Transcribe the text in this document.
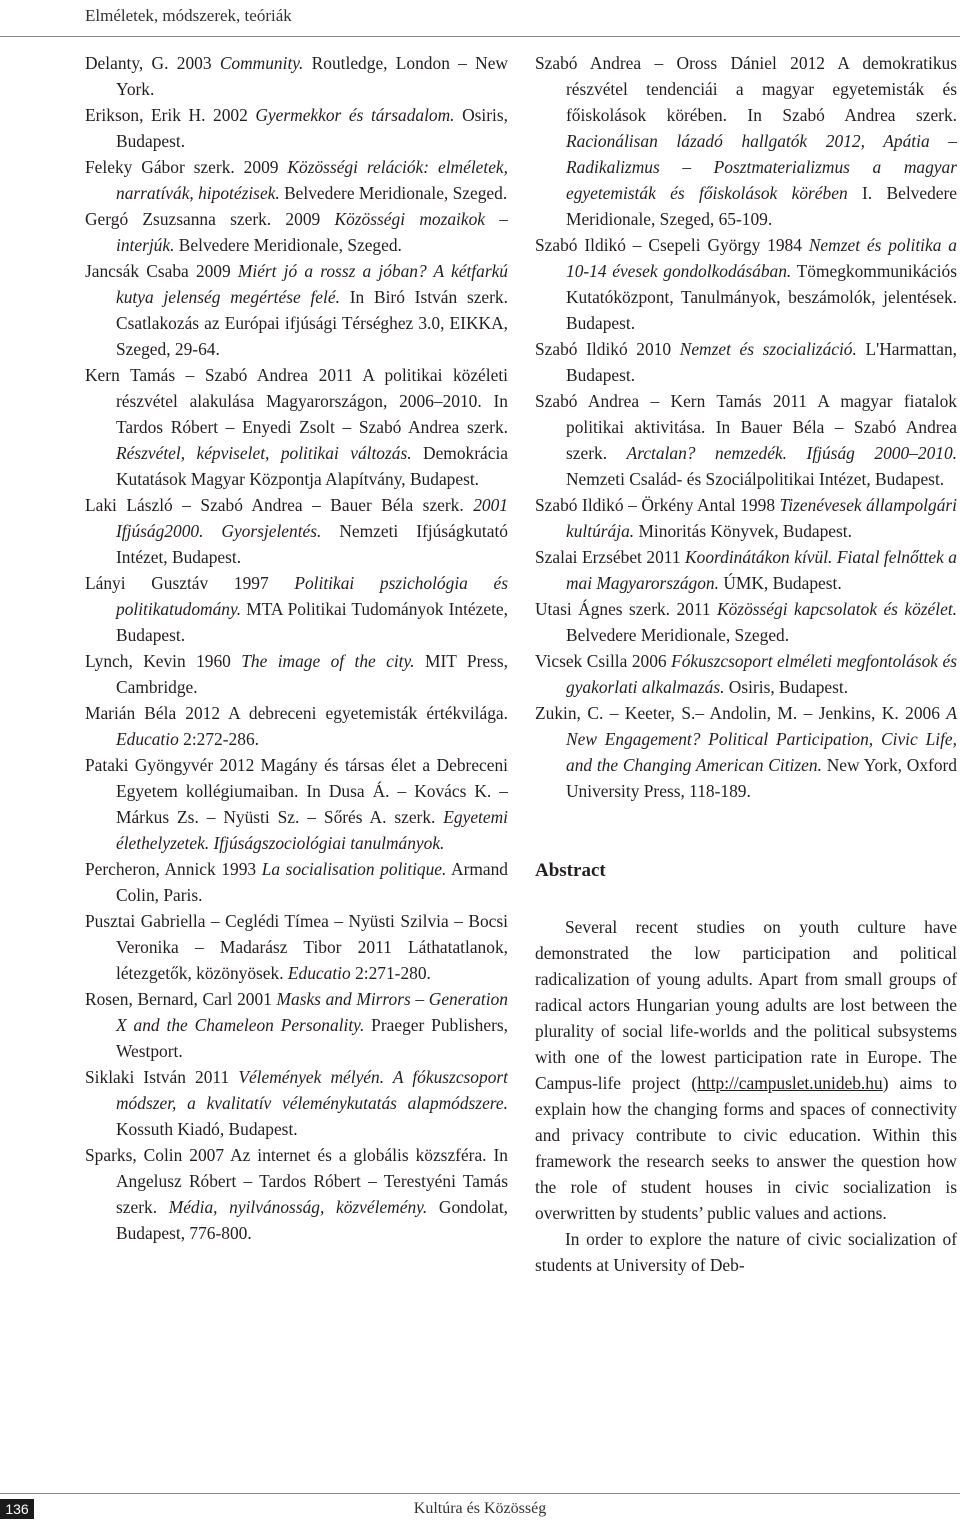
Elméletek, módszerek, teóriák

Delanty, G. 2003 Community. Routledge, London – New York.

Erikson, Erik H. 2002 Gyermekkor és társadalom. Osiris, Budapest.

Feleky Gábor szerk. 2009 Közösségi relációk: elméletek, narratívák, hipotézisek. Belvedere Meridionale, Szeged.

Gergó Zsuzsanna szerk. 2009 Közösségi mozaikok – interjúk. Belvedere Meridionale, Szeged.

Jancsák Csaba 2009 Miért jó a rossz a jóban? A kétfarkú kutya jelenség megértése felé. In Biró István szerk. Csatlakozás az Európai ifjúsági Térséghez 3.0, EIKKA, Szeged, 29-64.

Kern Tamás – Szabó Andrea 2011 A politikai közéleti részvétel alakulása Magyarországon, 2006–2010. In Tardos Róbert – Enyedi Zsolt – Szabó Andrea szerk. Részvétel, képviselet, politikai változás. Demokrácia Kutatások Magyar Központja Alapítvány, Budapest.

Laki László – Szabó Andrea – Bauer Béla szerk. 2001 Ifjúság2000. Gyorsjelentés. Nemzeti Ifjúságkutató Intézet, Budapest.

Lányi Gusztáv 1997 Politikai pszichológia és politikatudomány. MTA Politikai Tudományok Intézete, Budapest.

Lynch, Kevin 1960 The image of the city. MIT Press, Cambridge.

Marián Béla 2012 A debreceni egyetemisták értékvilága. Educatio 2:272-286.

Pataki Gyöngyvér 2012 Magány és társas élet a Debreceni Egyetem kollégiumaiban. In Dusa Á. – Kovács K. – Márkus Zs. – Nyüsti Sz. – Sőrés A. szerk. Egyetemi élethelyzetek. Ifjúságszociológiai tanulmányok.

Percheron, Annick 1993 La socialisation politique. Armand Colin, Paris.

Pusztai Gabriella – Ceglédi Tímea – Nyüsti Szilvia – Bocsi Veronika – Madarász Tibor 2011 Láthatatlanok, létezgetők, közönyösek. Educatio 2:271-280.

Rosen, Bernard, Carl 2001 Masks and Mirrors – Generation X and the Chameleon Personality. Praeger Publishers, Westport.

Siklaki István 2011 Vélemények mélyén. A fókuszcsoport módszer, a kvalitatív véleménykutatás alapmódszere. Kossuth Kiadó, Budapest.

Sparks, Colin 2007 Az internet és a globális közszféra. In Angelusz Róbert – Tardos Róbert – Terestyéni Tamás szerk. Média, nyilvánosság, közvélemény. Gondolat, Budapest, 776-800.

Szabó Andrea – Oross Dániel 2012 A demokratikus részvétel tendenciái a magyar egyetemisták és főiskolások körében. In Szabó Andrea szerk. Racionálisan lázadó hallgatók 2012, Apátia – Radikalizmus – Posztmaterializmus a magyar egyetemisták és főiskolások körében I. Belvedere Meridionale, Szeged, 65-109.

Szabó Ildikó – Csepeli György 1984 Nemzet és politika a 10-14 évesek gondolkodásában. Tömegkommunikációs Kutatóközpont, Tanulmányok, beszámolók, jelentések. Budapest.

Szabó Ildikó 2010 Nemzet és szocializáció. L'Harmattan, Budapest.

Szabó Andrea – Kern Tamás 2011 A magyar fiatalok politikai aktivitása. In Bauer Béla – Szabó Andrea szerk. Arctalan? nemzedék. Ifjúság 2000–2010. Nemzeti Család- és Szociálpolitikai Intézet, Budapest.

Szabó Ildikó – Örkény Antal 1998 Tizenévesek állampolgári kultúrája. Minoritás Könyvek, Budapest.

Szalai Erzsébet 2011 Koordinátákon kívül. Fiatal felnőttek a mai Magyarországon. ÚMK, Budapest.

Utasi Ágnes szerk. 2011 Közösségi kapcsolatok és közélet. Belvedere Meridionale, Szeged.

Vicsek Csilla 2006 Fókuszcsoport elméleti megfontolások és gyakorlati alkalmazás. Osiris, Budapest.

Zukin, C. – Keeter, S.– Andolin, M. – Jenkins, K. 2006 A New Engagement? Political Participation, Civic Life, and the Changing American Citizen. New York, Oxford University Press, 118-189.

Abstract

Several recent studies on youth culture have demonstrated the low participation and political radicalization of young adults. Apart from small groups of radical actors Hungarian young adults are lost between the plurality of social life-worlds and the political subsystems with one of the lowest participation rate in Europe. The Campus-life project (http://campuslet.unideb.hu) aims to explain how the changing forms and spaces of connectivity and privacy contribute to civic education. Within this framework the research seeks to answer the question how the role of student houses in civic socialization is overwritten by students’ public values and actions.

In order to explore the nature of civic socialization of students at University of Deb-

136	Kultúra és Közösség
